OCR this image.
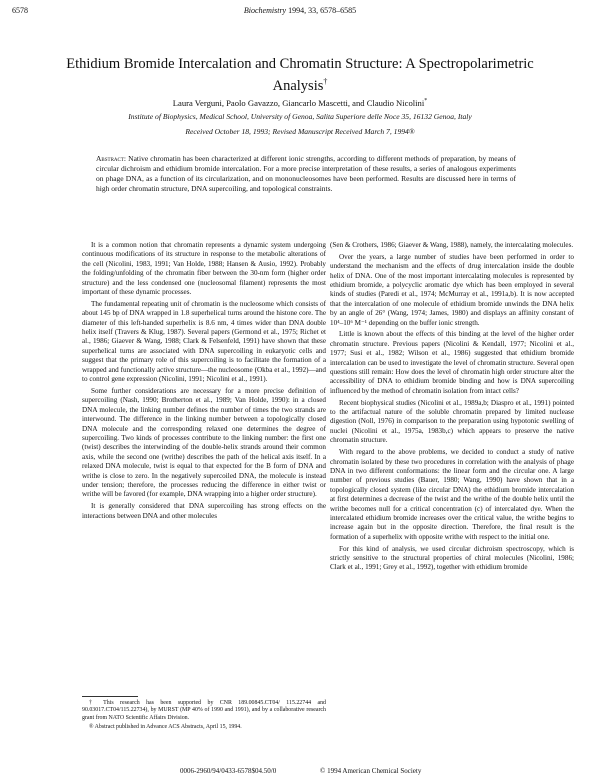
6578	Biochemistry 1994, 33, 6578–6585
Ethidium Bromide Intercalation and Chromatin Structure: A Spectropolarimetric Analysis†
Laura Verguni, Paolo Gavazzo, Giancarlo Mascetti, and Claudio Nicolini*
Institute of Biophysics, Medical School, University of Genoa, Salita Superiore delle Noce 35, 16132 Genoa, Italy
Received October 18, 1993; Revised Manuscript Received March 7, 1994®
Abstract: Native chromatin has been characterized at different ionic strengths, according to different methods of preparation, by means of circular dichroism and ethidium bromide intercalation. For a more precise interpretation of these results, a series of analogous experiments on phage DNA, as a function of its circularization, and on mononucleosomes have been performed. Results are discussed here in terms of high order chromatin structure, DNA supercoiling, and topological constraints.

It is a common notion that chromatin represents a dynamic system undergoing continuous modifications of its structure in response to the metabolic alterations of the cell (Nicolini, 1983, 1991; Van Holde, 1988; Hansen & Ausio, 1992). Probably the folding/unfolding of the chromatin fiber between the 30-nm form (higher order structure) and the less condensed one (nucleosomal filament) represents the most important of these dynamic processes.

The fundamental repeating unit of chromatin is the nucleosome which consists of about 145 bp of DNA wrapped in 1.8 superhelical turns around the histone core. The diameter of this left-handed superhelix is 8.6 nm, 4 times wider than DNA double helix itself (Travers & Klug, 1987). Several papers (Germond et al., 1975; Richet et al., 1986; Giaever & Wang, 1988; Clark & Felsenfeld, 1991) have shown that these superhelical turns are associated with DNA supercoiling in eukaryotic cells and suggest that the primary role of this supercoiling is to facilitate the formation of a wrapped and functionally active structure—the nucleosome (Okba et al., 1992)—and to control gene expression (Nicolini, 1991; Nicolini et al., 1991).

Some further considerations are necessary for a more precise definition of supercoiling (Nash, 1990; Brotherton et al., 1989; Van Holde, 1990): in a closed DNA molecule, the linking number defines the number of times the two strands are interwound. The difference in the linking number between a topologically closed DNA molecule and the corresponding relaxed one determines the degree of supercoiling. Two kinds of processes contribute to the linking number: the first one (twist) describes the interwinding of the double-helix strands around their common axis, while the second one (writhe) describes the path of the helical axis itself. In a relaxed DNA molecule, twist is equal to that expected for the B form of DNA and writhe is close to zero. In the negatively supercoiled DNA, the molecule is instead under tension; therefore, the processes reducing the difference in either twist or writhe will be favored (for example, DNA wrapping into a higher order structure).

It is generally considered that DNA supercoiling has strong effects on the interactions between DNA and other molecules

(Sen & Crothers, 1986; Giaever & Wang, 1988), namely, the intercalating molecules.

Over the years, a large number of studies have been performed in order to understand the mechanism and the effects of drug intercalation inside the double helix of DNA. One of the most important intercalating molecules is represented by ethidium bromide, a polycyclic aromatic dye which has been employed in several kinds of studies (Paredi et al., 1974; McMurray et al., 1991a,b). It is now accepted that the intercalation of one molecule of ethidium bromide unwinds the DNA helix by an angle of 26° (Wang, 1974; James, 1980) and displays an affinity constant of 10⁴–10⁶ M⁻¹ depending on the buffer ionic strength.

Little is known about the effects of this binding at the level of the higher order chromatin structure. Previous papers (Nicolini & Kendall, 1977; Nicolini et al., 1977; Susi et al., 1982; Wilson et al., 1986) suggested that ethidium bromide intercalation can be used to investigate the level of chromatin structure. Several open questions still remain: How does the level of chromatin high order structure alter the accessibility of DNA to ethidium bromide binding and how is DNA supercoiling influenced by the method of chromatin isolation from intact cells?

Recent biophysical studies (Nicolini et al., 1989a,b; Diaspro et al., 1991) pointed to the artifactual nature of the soluble chromatin prepared by limited nuclease digestion (Noll, 1976) in comparison to the preparation using hypotonic swelling of nuclei (Nicolini et al., 1975a, 1983b,c) which appears to preserve the native chromatin structure.

With regard to the above problems, we decided to conduct a study of native chromatin isolated by these two procedures in correlation with the analysis of phage DNA in two different conformations: the linear form and the circular one. A large number of previous studies (Bauer, 1980; Wang, 1990) have shown that in a topologically closed system (like circular DNA) the ethidium bromide intercalation at first determines a decrease of the twist and the writhe of the double helix until the writhe becomes null for a critical concentration (c) of intercalated dye. When the intercalated ethidium bromide increases over the critical value, the writhe begins to increase again but in the opposite direction. Therefore, the final result is the formation of a superhelix with opposite writhe with respect to the initial one.

For this kind of analysis, we used circular dichroism spectroscopy, which is strictly sensitive to the structural properties of chiral molecules (Nicolini, 1986; Clark et al., 1991; Grey et al., 1992), together with ethidium bromide

† This research has been supported by CNR 189.00845.CT04/ 115.22744 and 90.03017.CT04/115.22734), by MURST (MP 40% of 1990 and 1991), and by a collaborative research grant from NATO Scientific Affairs Division.

® Abstract published in Advance ACS Abstracts, April 15, 1994.

0006-2960/94/0433-6578$04.50/0	© 1994 American Chemical Society
